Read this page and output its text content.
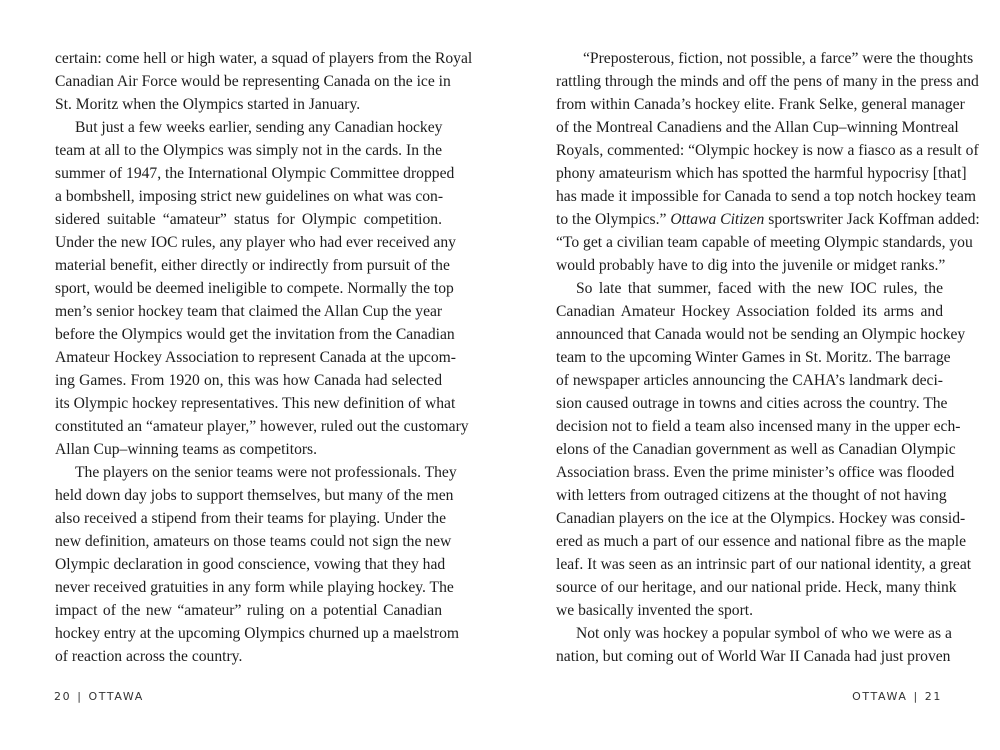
certain: come hell or high water, a squad of players from the Royal
Canadian Air Force would be representing Canada on the ice in
St. Moritz when the Olympics started in January.
But just a few weeks earlier, sending any Canadian hockey
team at all to the Olympics was simply not in the cards. In the
summer of 1947, the International Olympic Committee dropped
a bombshell, imposing strict new guidelines on what was con-
sidered suitable “amateur” status for Olympic competition.
Under the new IOC rules, any player who had ever received any
material benefit, either directly or indirectly from pursuit of the
sport, would be deemed ineligible to compete. Normally the top
men’s senior hockey team that claimed the Allan Cup the year
before the Olympics would get the invitation from the Canadian
Amateur Hockey Association to represent Canada at the upcom-
ing Games. From 1920 on, this was how Canada had selected
its Olympic hockey representatives. This new definition of what
constituted an “amateur player,” however, ruled out the customary
Allan Cup–winning teams as competitors.
The players on the senior teams were not professionals. They
held down day jobs to support themselves, but many of the men
also received a stipend from their teams for playing. Under the
new definition, amateurs on those teams could not sign the new
Olympic declaration in good conscience, vowing that they had
never received gratuities in any form while playing hockey. The
impact of the new “amateur” ruling on a potential Canadian
hockey entry at the upcoming Olympics churned up a maelstrom
of reaction across the country.
20 | OTTAWA
“Preposterous, fiction, not possible, a farce” were the thoughts
rattling through the minds and off the pens of many in the press and
from within Canada’s hockey elite. Frank Selke, general manager
of the Montreal Canadiens and the Allan Cup–winning Montreal
Royals, commented: “Olympic hockey is now a fiasco as a result of
phony amateurism which has spotted the harmful hypocrisy [that]
has made it impossible for Canada to send a top notch hockey team
to the Olympics.” Ottawa Citizen sportswriter Jack Koffman added:
“To get a civilian team capable of meeting Olympic standards, you
would probably have to dig into the juvenile or midget ranks.”
So late that summer, faced with the new IOC rules, the
Canadian Amateur Hockey Association folded its arms and
announced that Canada would not be sending an Olympic hockey
team to the upcoming Winter Games in St. Moritz. The barrage
of newspaper articles announcing the CAHA’s landmark deci-
sion caused outrage in towns and cities across the country. The
decision not to field a team also incensed many in the upper ech-
elons of the Canadian government as well as Canadian Olympic
Association brass. Even the prime minister’s office was flooded
with letters from outraged citizens at the thought of not having
Canadian players on the ice at the Olympics. Hockey was consid-
ered as much a part of our essence and national fibre as the maple
leaf. It was seen as an intrinsic part of our national identity, a great
source of our heritage, and our national pride. Heck, many think
we basically invented the sport.
Not only was hockey a popular symbol of who we were as a
nation, but coming out of World War II Canada had just proven
OTTAWA | 21
